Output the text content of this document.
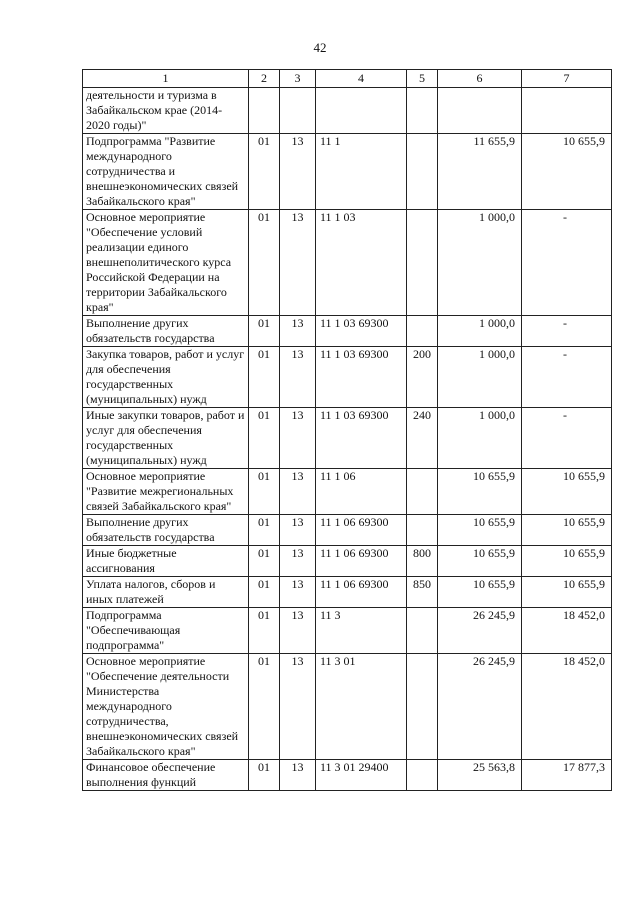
42
1	2	3	4	5	6	7
деятельности и туризма в Забайкальском крае (2014-2020 годы)"						
Подпрограмма "Развитие международного сотрудничества и внешнеэкономических связей Забайкальского края"	01	13	11 1		11 655,9	10 655,9
Основное мероприятие "Обеспечение условий реализации единого внешнеполитического курса Российской Федерации на территории Забайкальского края"	01	13	11 1 03		1 000,0	-
Выполнение других обязательств государства	01	13	11 1 03 69300		1 000,0	-
Закупка товаров, работ и услуг для обеспечения государственных (муниципальных) нужд	01	13	11 1 03 69300	200	1 000,0	-
Иные закупки товаров, работ и услуг для обеспечения государственных (муниципальных) нужд	01	13	11 1 03 69300	240	1 000,0	-
Основное мероприятие "Развитие межрегиональных связей Забайкальского края"	01	13	11 1 06		10 655,9	10 655,9
Выполнение других обязательств государства	01	13	11 1 06 69300		10 655,9	10 655,9
Иные бюджетные ассигнования	01	13	11 1 06 69300	800	10 655,9	10 655,9
Уплата налогов, сборов и иных платежей	01	13	11 1 06 69300	850	10 655,9	10 655,9
Подпрограмма "Обеспечивающая подпрограмма"	01	13	11 3		26 245,9	18 452,0
Основное мероприятие "Обеспечение деятельности Министерства международного сотрудничества, внешнеэкономических связей Забайкальского края"	01	13	11 3 01		26 245,9	18 452,0
Финансовое обеспечение выполнения функций	01	13	11 3 01 29400		25 563,8	17 877,3
